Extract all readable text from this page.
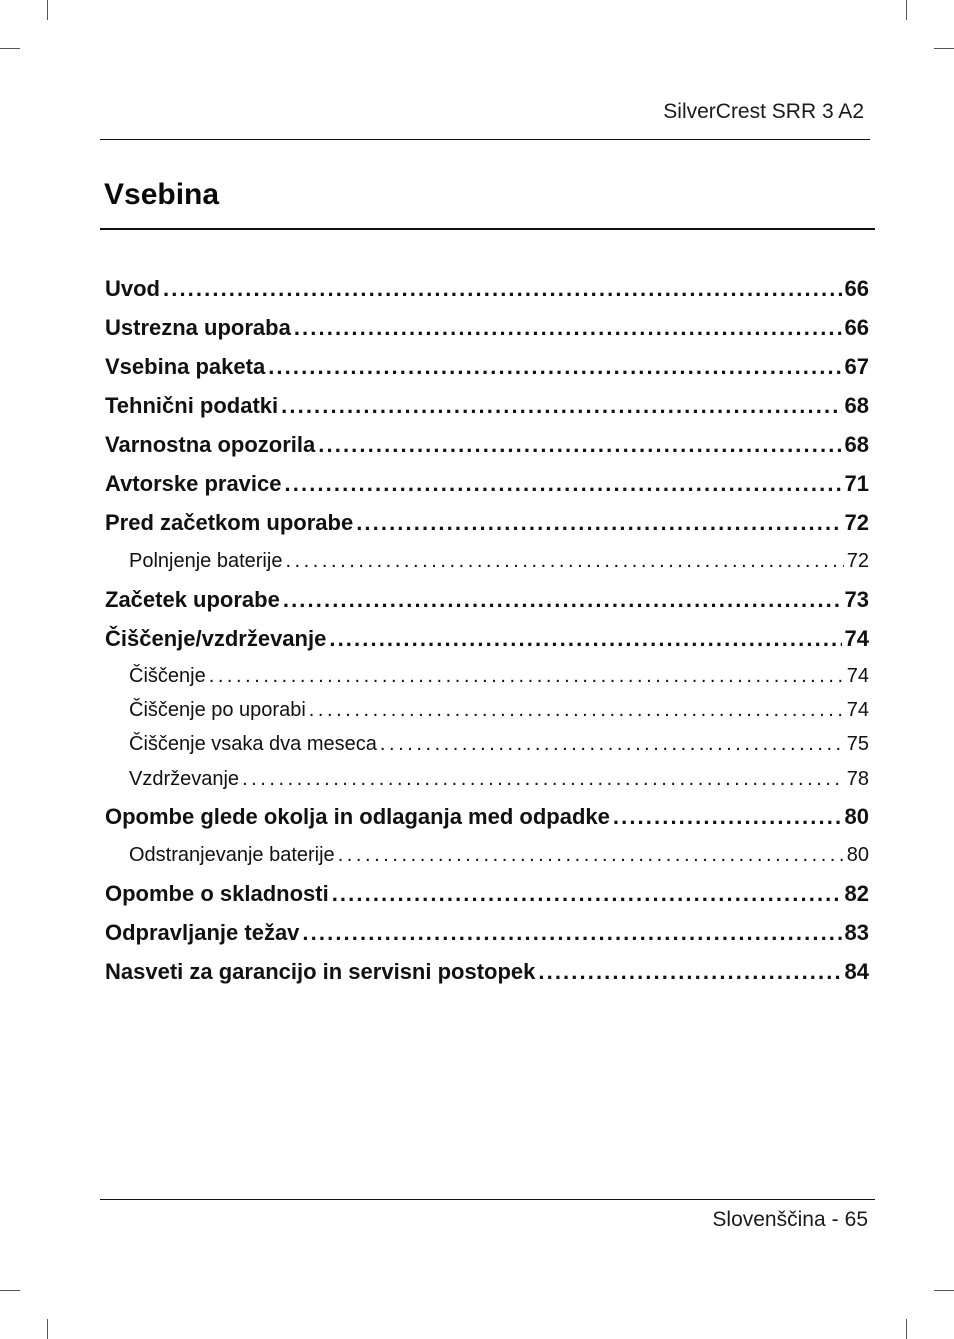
SilverCrest SRR 3 A2
Vsebina
Uvod . . .	66
Ustrezna uporaba . . .	66
Vsebina paketa . . .	67
Tehnični podatki . . .	68
Varnostna opozorila . . .	68
Avtorske pravice . . .	71
Pred začetkom uporabe . . .	72
Polnjenje baterije . . .	72
Začetek uporabe . . .	73
Čiščenje/vzdrževanje . . .	74
Čiščenje . . .	74
Čiščenje po uporabi . . .	74
Čiščenje vsaka dva meseca . . .	75
Vzdrževanje . . .	78
Opombe glede okolja in odlaganja med odpadke . . .	80
Odstranjevanje baterije . . .	80
Opombe o skladnosti . . .	82
Odpravljanje težav . . .	83
Nasveti za garancijo in servisni postopek . . .	84
Slovenščina - 65
